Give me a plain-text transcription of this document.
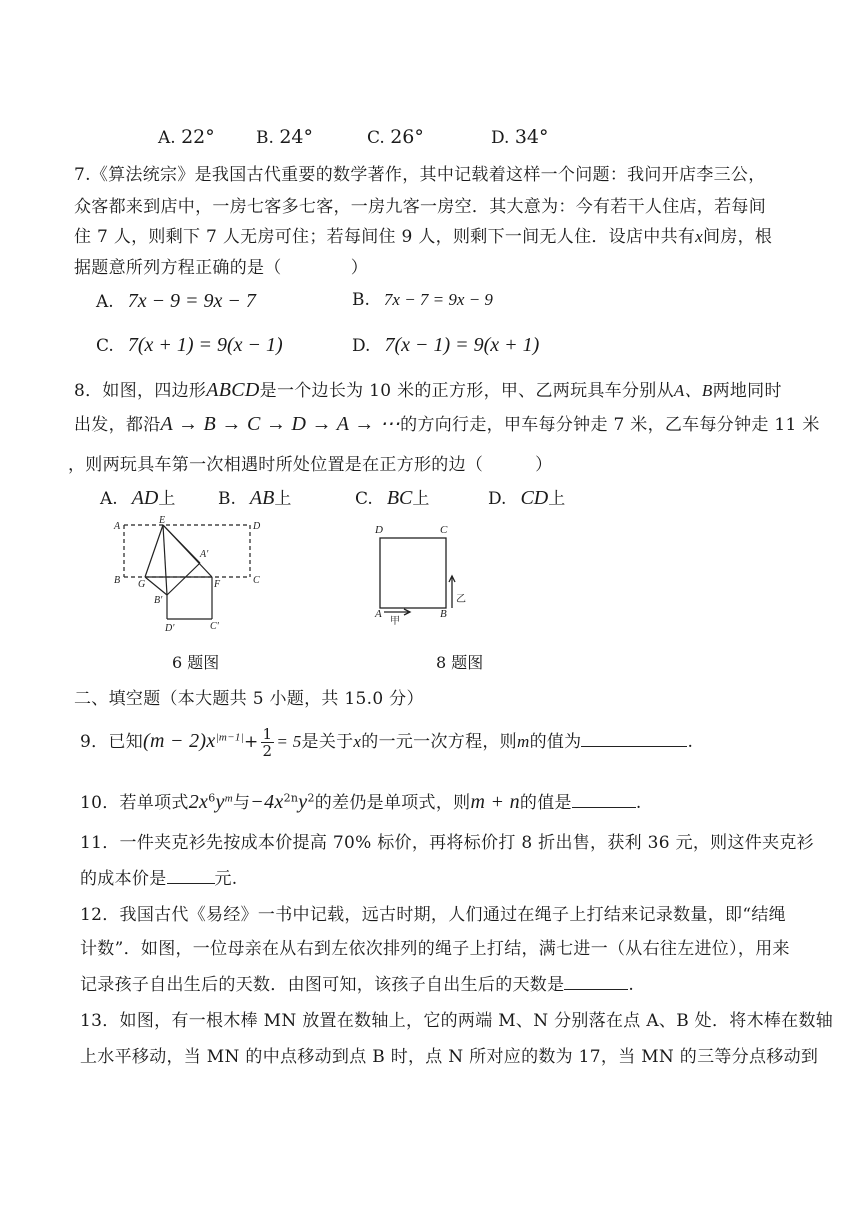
A. 22° B. 24°	C. 26°	D. 34°
7.《算法统宗》是我国古代重要的数学著作，其中记载着这样一个问题：我问开店李三公，
众客都来到店中，一房七客多七客，一房九客一房空．其大意为：今有若干人住店，若每间
住 7 人，则剩下 7 人无房可住；若每间住 9 人，则剩下一间无人住．设店中共有x间房，根
据题意所列方程正确的是（　　　　）
A. 7x − 9 = 9x − 7	B. 7x − 7 = 9x − 9
C. 7(x + 1) = 9(x − 1)	D. 7(x − 1) = 9(x + 1)
8．如图，四边形ABCD是一个边长为 10 米的正方形，甲、乙两玩具车分别从A、B两地同时
出发，都沿A → B → C → D → A → ⋯的方向行走，甲车每分钟走 7 米，乙车每分钟走 11 米
，则两玩具车第一次相遇时所处位置是在正方形的边（　　　）
A. AD上	B. AB上	C. BC上	D. CD上
A
E
D
A'
B G	F	C
B'
D'	C'
6 题图
D	C
A	B
甲
乙
8 题图
二、填空题（本大题共 5 小题，共 15.0 分）
9．已知$(m - 2)x^{|m-1|}+ \frac{1}{2} = 5$是关于x的一元一次方程，则m的值为	.
10．若单项式$2x^6y^m$与$-4x^{2n}y^2$的差仍是单项式，则m + n的值是	.
11．一件夹克衫先按成本价提高 70% 标价，再将标价打 8 折出售，获利 36 元，则这件夹克衫
的成本价是	元.
12．我国古代《易经》一书中记载，远古时期，人们通过在绳子上打结来记录数量，即“结绳
计数”．如图，一位母亲在从右到左依次排列的绳子上打结，满七进一（从右往左进位），用来
记录孩子自出生后的天数．由图可知，该孩子自出生后的天数是	.
13．如图，有一根木棒 MN 放置在数轴上，它的两端 M、N 分别落在点 A、B 处．将木棒在数轴
上水平移动，当 MN 的中点移动到点 B 时，点 N 所对应的数为 17，当 MN 的三等分点移动到
